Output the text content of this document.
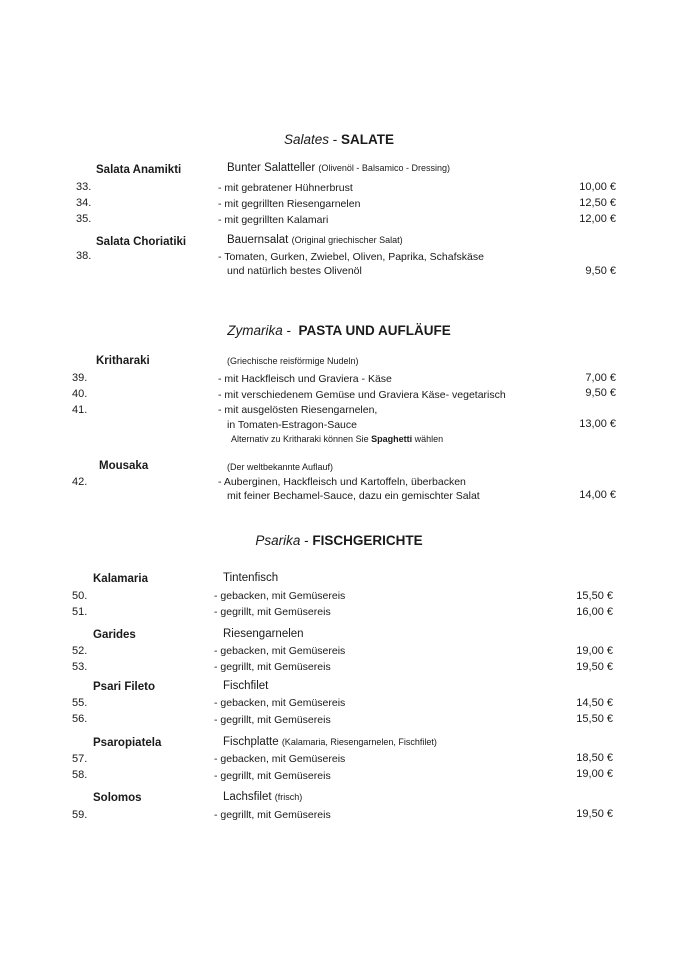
Salates - SALATE
Salata Anamikti	Bunter Salatteller (Olivenöl - Balsamico - Dressing)
33.	- mit gebratener Hühnerbrust	10,00 €
34.	- mit gegrillten Riesengarnelen	12,50 €
35.	- mit gegrillten Kalamari	12,00 €
Salata Choriatiki	Bauernsalat (Original griechischer Salat)
38.	- Tomaten, Gurken, Zwiebel, Oliven, Paprika, Schafskäse
und natürlich bestes Olivenöl	9,50 €
Zymarika -  PASTA UND AUFLÄUFE
Kritharaki	(Griechische reisförmige Nudeln)
39.	- mit Hackfleisch und Graviera - Käse	7,00 €
40.	- mit verschiedenem Gemüse und Graviera Käse- vegetarisch	9,50 €
41.	- mit ausgelösten Riesengarnelen,
in Tomaten-Estragon-Sauce	13,00 €
Alternativ zu Kritharaki können Sie Spaghetti wählen
Mousaka	(Der weltbekannte Auflauf)
42.	- Auberginen, Hackfleisch und Kartoffeln, überbacken
mit feiner Bechamel-Sauce, dazu ein gemischter Salat	14,00 €
Psarika - FISCHGERICHTE
Kalamaria	Tintenfisch
50.	- gebacken, mit Gemüsereis	15,50 €
51.	- gegrillt, mit Gemüsereis	16,00 €
Garides	Riesengarnelen
52.	- gebacken, mit Gemüsereis	19,00 €
53.	- gegrillt, mit Gemüsereis	19,50 €
Psari Fileto	Fischfilet
55.	- gebacken, mit Gemüsereis	14,50 €
56.	- gegrillt, mit Gemüsereis	15,50 €
Psaropiatela	Fischplatte (Kalamaria, Riesengarnelen, Fischfilet)
57.	- gebacken, mit Gemüsereis	18,50 €
58.	- gegrillt, mit Gemüsereis	19,00 €
Solomos	Lachsfilet (frisch)
59.	- gegrillt, mit Gemüsereis	19,50 €
